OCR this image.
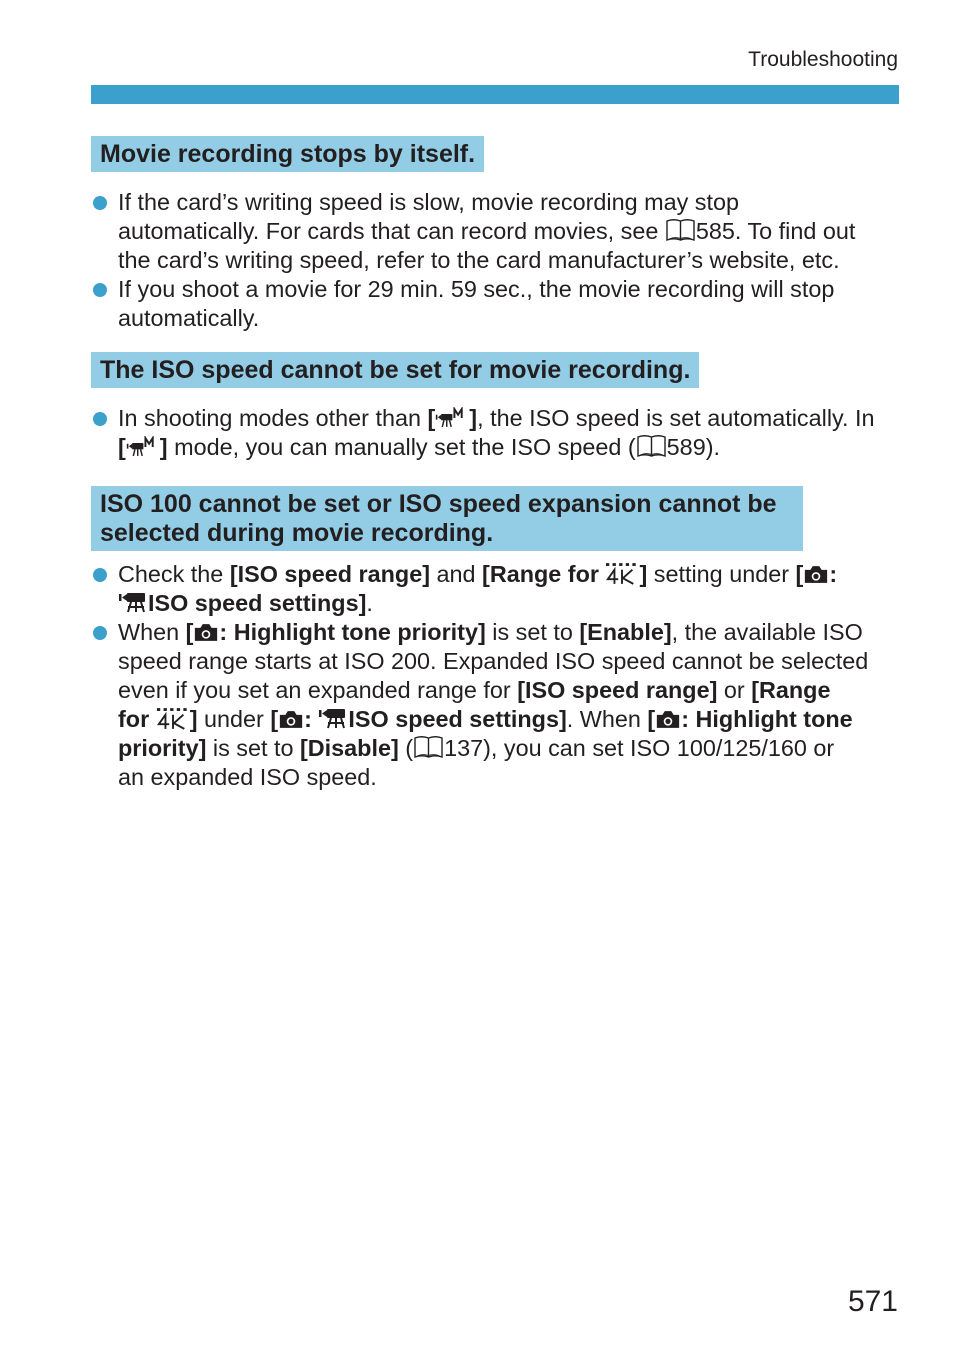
Troubleshooting
Movie recording stops by itself.
If the card’s writing speed is slow, movie recording may stop
automatically. For cards that can record movies, see 585. To find out
the card’s writing speed, refer to the card manufacturer’s website, etc.
If you shoot a movie for 29 min. 59 sec., the movie recording will stop
automatically.
The ISO speed cannot be set for movie recording.
In shooting modes other than [ ], the ISO speed is set automatically. In
[ ] mode, you can manually set the ISO speed ( 589).
ISO 100 cannot be set or ISO speed expansion cannot be
selected during movie recording.
Check the [ISO speed range] and [Range for ] setting under [ :
ISO speed settings].
When [ : Highlight tone priority] is set to [Enable], the available ISO
speed range starts at ISO 200. Expanded ISO speed cannot be selected
even if you set an expanded range for [ISO speed range] or [Range
for ] under [ : ISO speed settings]. When [ : Highlight tone
priority] is set to [Disable] ( 137), you can set ISO 100/125/160 or
an expanded ISO speed.
571
